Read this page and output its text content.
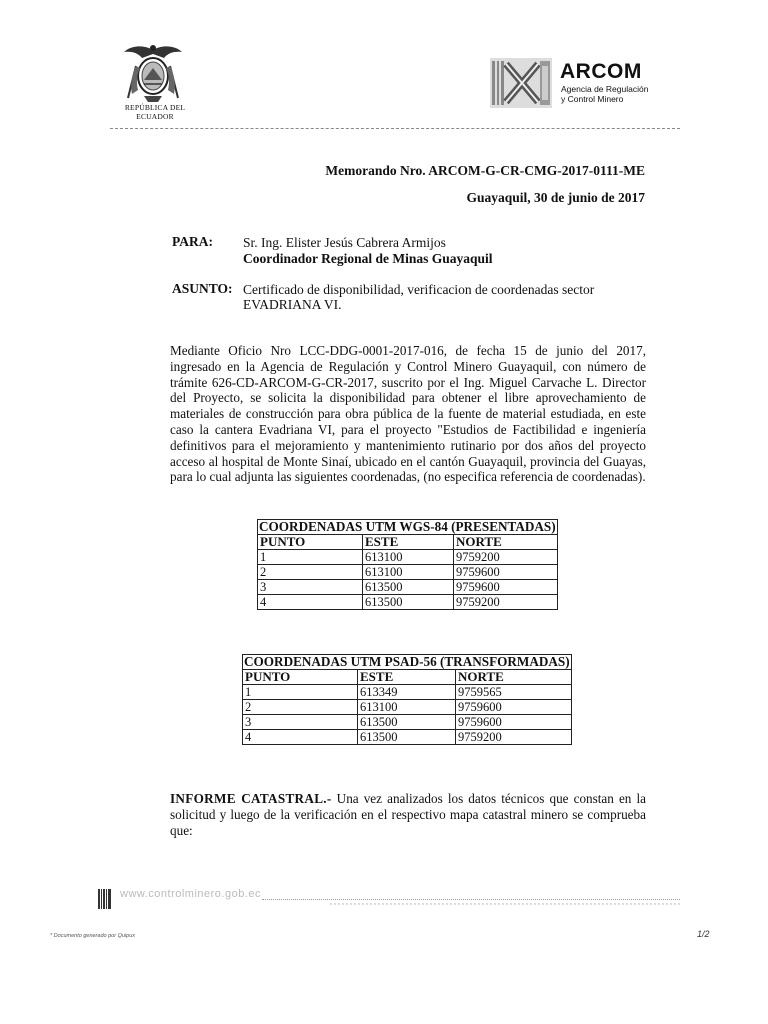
REPÚBLICA DEL
ECUADOR
ARCOM
Agencia de Regulación
y Control Minero
Memorando Nro. ARCOM-G-CR-CMG-2017-0111-ME
Guayaquil, 30 de junio de 2017
PARA: Sr. Ing. Elister Jesús Cabrera Armijos
Coordinador Regional de Minas Guayaquil
ASUNTO: Certificado de disponibilidad, verificacion de coordenadas sector
EVADRIANA VI.
Mediante Oficio Nro LCC-DDG-0001-2017-016, de fecha 15 de junio del 2017, ingresado en la Agencia de Regulación y Control Minero Guayaquil, con número de trámite 626-CD-ARCOM-G-CR-2017, suscrito por el Ing. Miguel Carvache L. Director del Proyecto, se solicita la disponibilidad para obtener el libre aprovechamiento de materiales de construcción para obra pública de la fuente de material estudiada, en este caso la cantera Evadriana VI, para el proyecto "Estudios de Factibilidad e ingeniería definitivos para el mejoramiento y mantenimiento rutinario por dos años del proyecto acceso al hospital de Monte Sinaí, ubicado en el cantón Guayaquil, provincia del Guayas, para lo cual adjunta las siguientes coordenadas, (no especifica referencia de coordenadas).
COORDENADAS UTM WGS-84 (PRESENTADAS)		
PUNTO	ESTE	NORTE
1	613100	9759200
2	613100	9759600
3	613500	9759600
4	613500	9759200
COORDENADAS UTM PSAD-56 (TRANSFORMADAS)		
PUNTO	ESTE	NORTE
1	613349	9759565
2	613100	9759600
3	613500	9759600
4	613500	9759200
INFORME CATASTRAL.- Una vez analizados los datos técnicos que constan en la solicitud y luego de la verificación en el respectivo mapa catastral minero se comprueba que:
www.controlminero.gob.ec
* Documento generado por Quipux	1/2
